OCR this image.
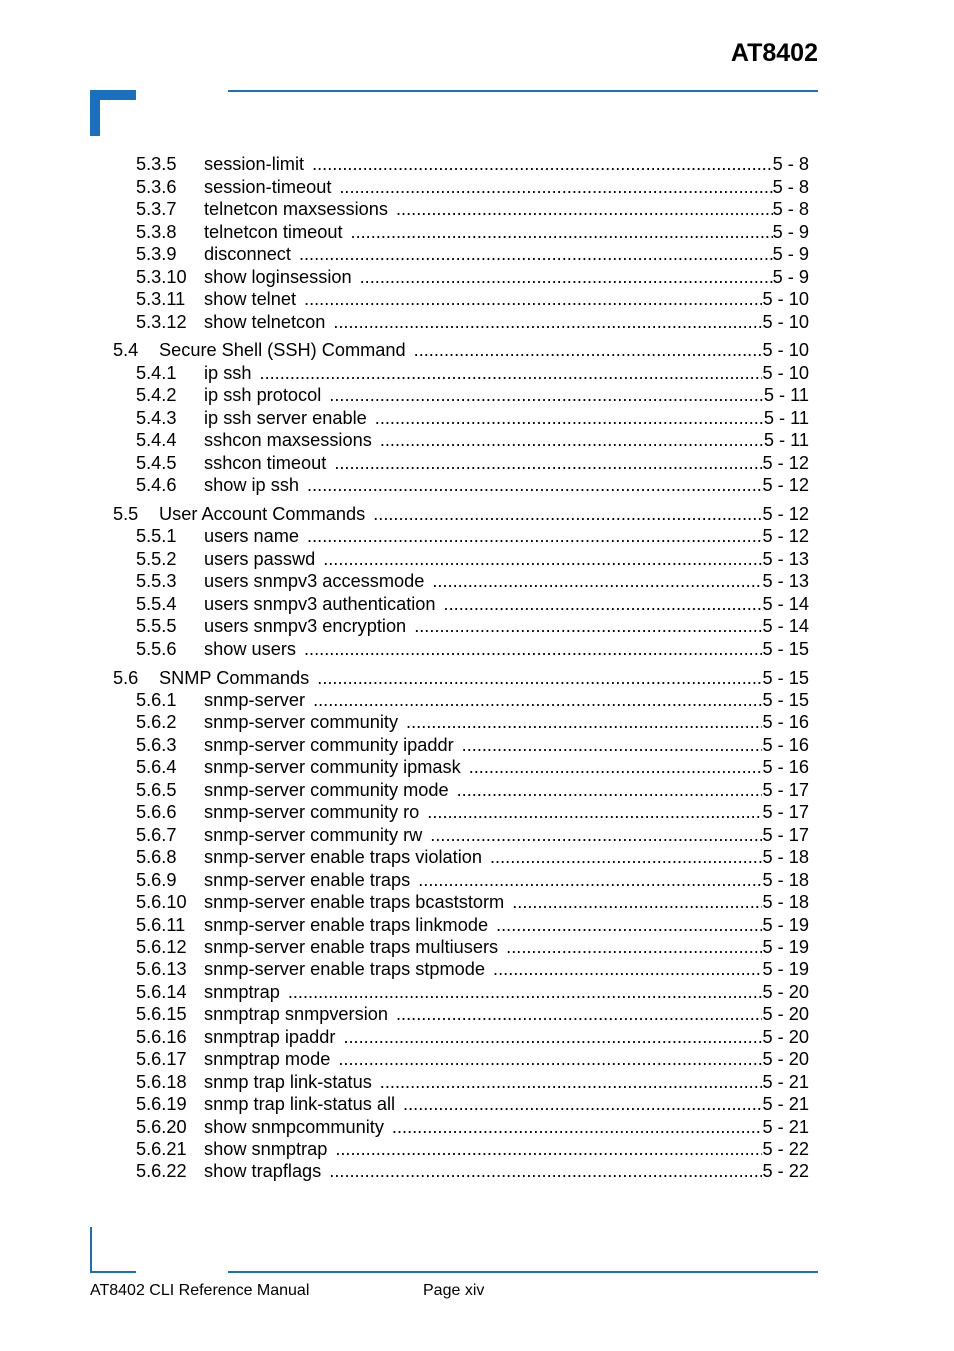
AT8402
5.3.5	session-limit .....	5 - 8
5.3.6	session-timeout .....	5 - 8
5.3.7	telnetcon maxsessions .....	5 - 8
5.3.8	telnetcon timeout .....	5 - 9
5.3.9	disconnect .....	5 - 9
5.3.10 show loginsession .....	5 - 9
5.3.11	show telnet .....	5 - 10
5.3.12 show telnetcon .....	5 - 10
5.4	Secure Shell (SSH) Command .....	5 - 10
5.4.1	ip ssh .....	5 - 10
5.4.2	ip ssh protocol .....	5 - 11
5.4.3	ip ssh server enable .....	5 - 11
5.4.4	sshcon maxsessions .....	5 - 11
5.4.5	sshcon timeout .....	5 - 12
5.4.6	show ip ssh .....	5 - 12
5.5	User Account Commands .....	5 - 12
5.5.1	users name .....	5 - 12
5.5.2	users passwd .....	5 - 13
5.5.3	users snmpv3 accessmode .....	5 - 13
5.5.4	users snmpv3 authentication .....	5 - 14
5.5.5	users snmpv3 encryption .....	5 - 14
5.5.6	show users .....	5 - 15
5.6	SNMP Commands .....	5 - 15
5.6.1	snmp-server .....	5 - 15
5.6.2	snmp-server community .....	5 - 16
5.6.3	snmp-server community ipaddr .....	5 - 16
5.6.4	snmp-server community ipmask .....	5 - 16
5.6.5	snmp-server community mode .....	5 - 17
5.6.6	snmp-server community ro .....	5 - 17
5.6.7	snmp-server community rw .....	5 - 17
5.6.8	snmp-server enable traps violation .....	5 - 18
5.6.9	snmp-server enable traps .....	5 - 18
5.6.10 snmp-server enable traps bcaststorm .....	5 - 18
5.6.11	snmp-server enable traps linkmode .....	5 - 19
5.6.12 snmp-server enable traps multiusers .....	5 - 19
5.6.13 snmp-server enable traps stpmode .....	5 - 19
5.6.14 snmptrap .....	5 - 20
5.6.15 snmptrap snmpversion .....	5 - 20
5.6.16 snmptrap ipaddr .....	5 - 20
5.6.17 snmptrap mode .....	5 - 20
5.6.18 snmp trap link-status .....	5 - 21
5.6.19 snmp trap link-status all .....	5 - 21
5.6.20 show snmpcommunity .....	5 - 21
5.6.21 show snmptrap .....	5 - 22
5.6.22 show trapflags .....	5 - 22
AT8402 CLI Reference Manual	Page xiv
